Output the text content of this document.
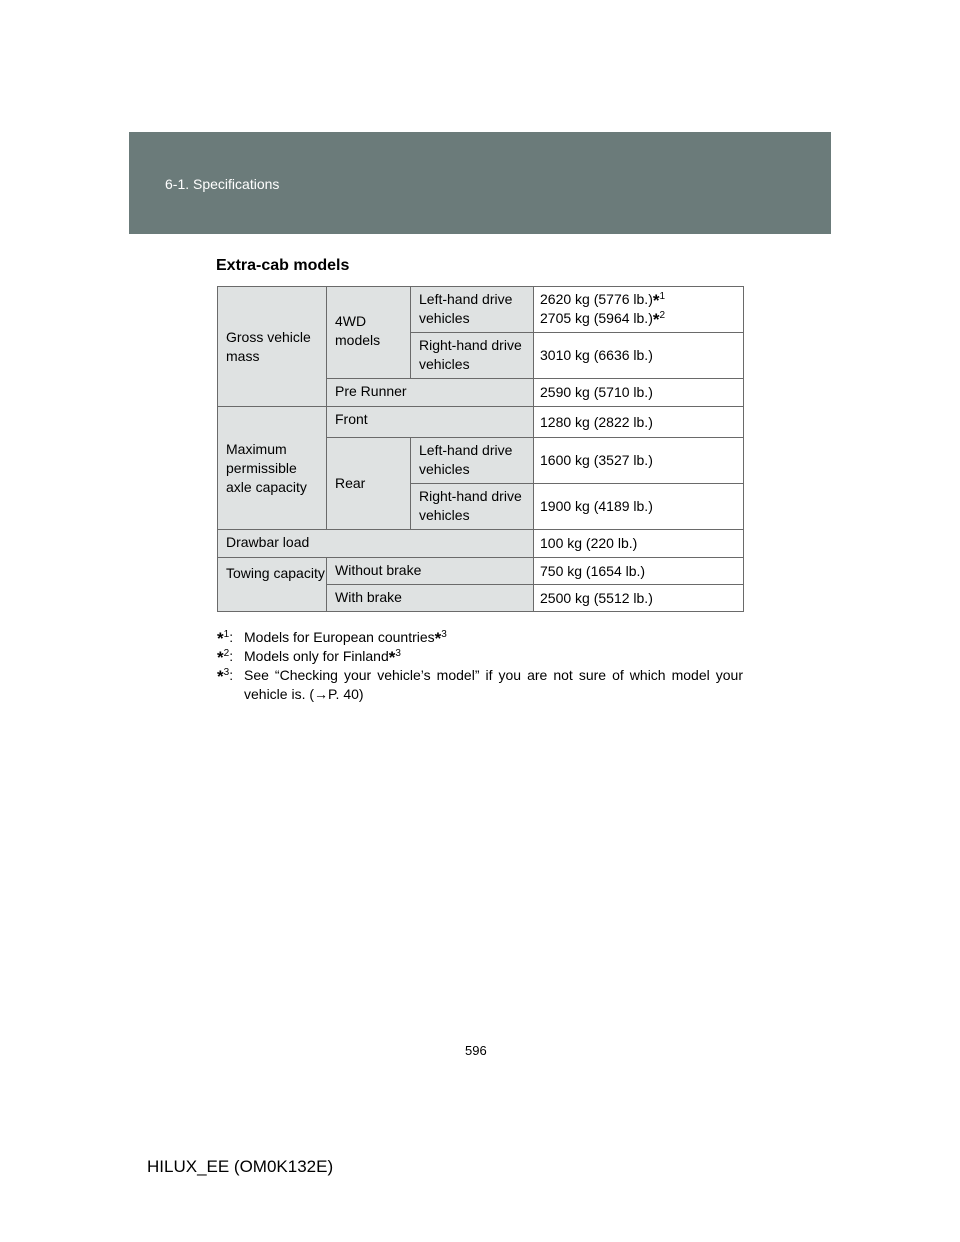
6-1. Specifications
Extra-cab models
Gross vehicle mass	4WD models	Left-hand drive vehicles	2620 kg (5776 lb.)*$^1$
2705 kg (5964 lb.)*$^2$

		Right-hand drive vehicles	3010 kg (6636 lb.)
	Pre Runner		2590 kg (5710 lb.)
Maximum permissible axle capacity	Front		1280 kg (2822 lb.)
	Rear	Left-hand drive vehicles	1600 kg (3527 lb.)
		Right-hand drive vehicles	1900 kg (4189 lb.)
Drawbar load			100 kg (220 lb.)
Towing capacity	Without brake		750 kg (1654 lb.)
	With brake		2500 kg (5512 lb.)
*$^1$: Models for European countries*$^3$
*$^2$: Models only for Finland*$^3$
*$^3$: See “Checking your vehicle’s model” if you are not sure of which model your vehicle is. (→P. 40)
596
HILUX_EE (OM0K132E)
